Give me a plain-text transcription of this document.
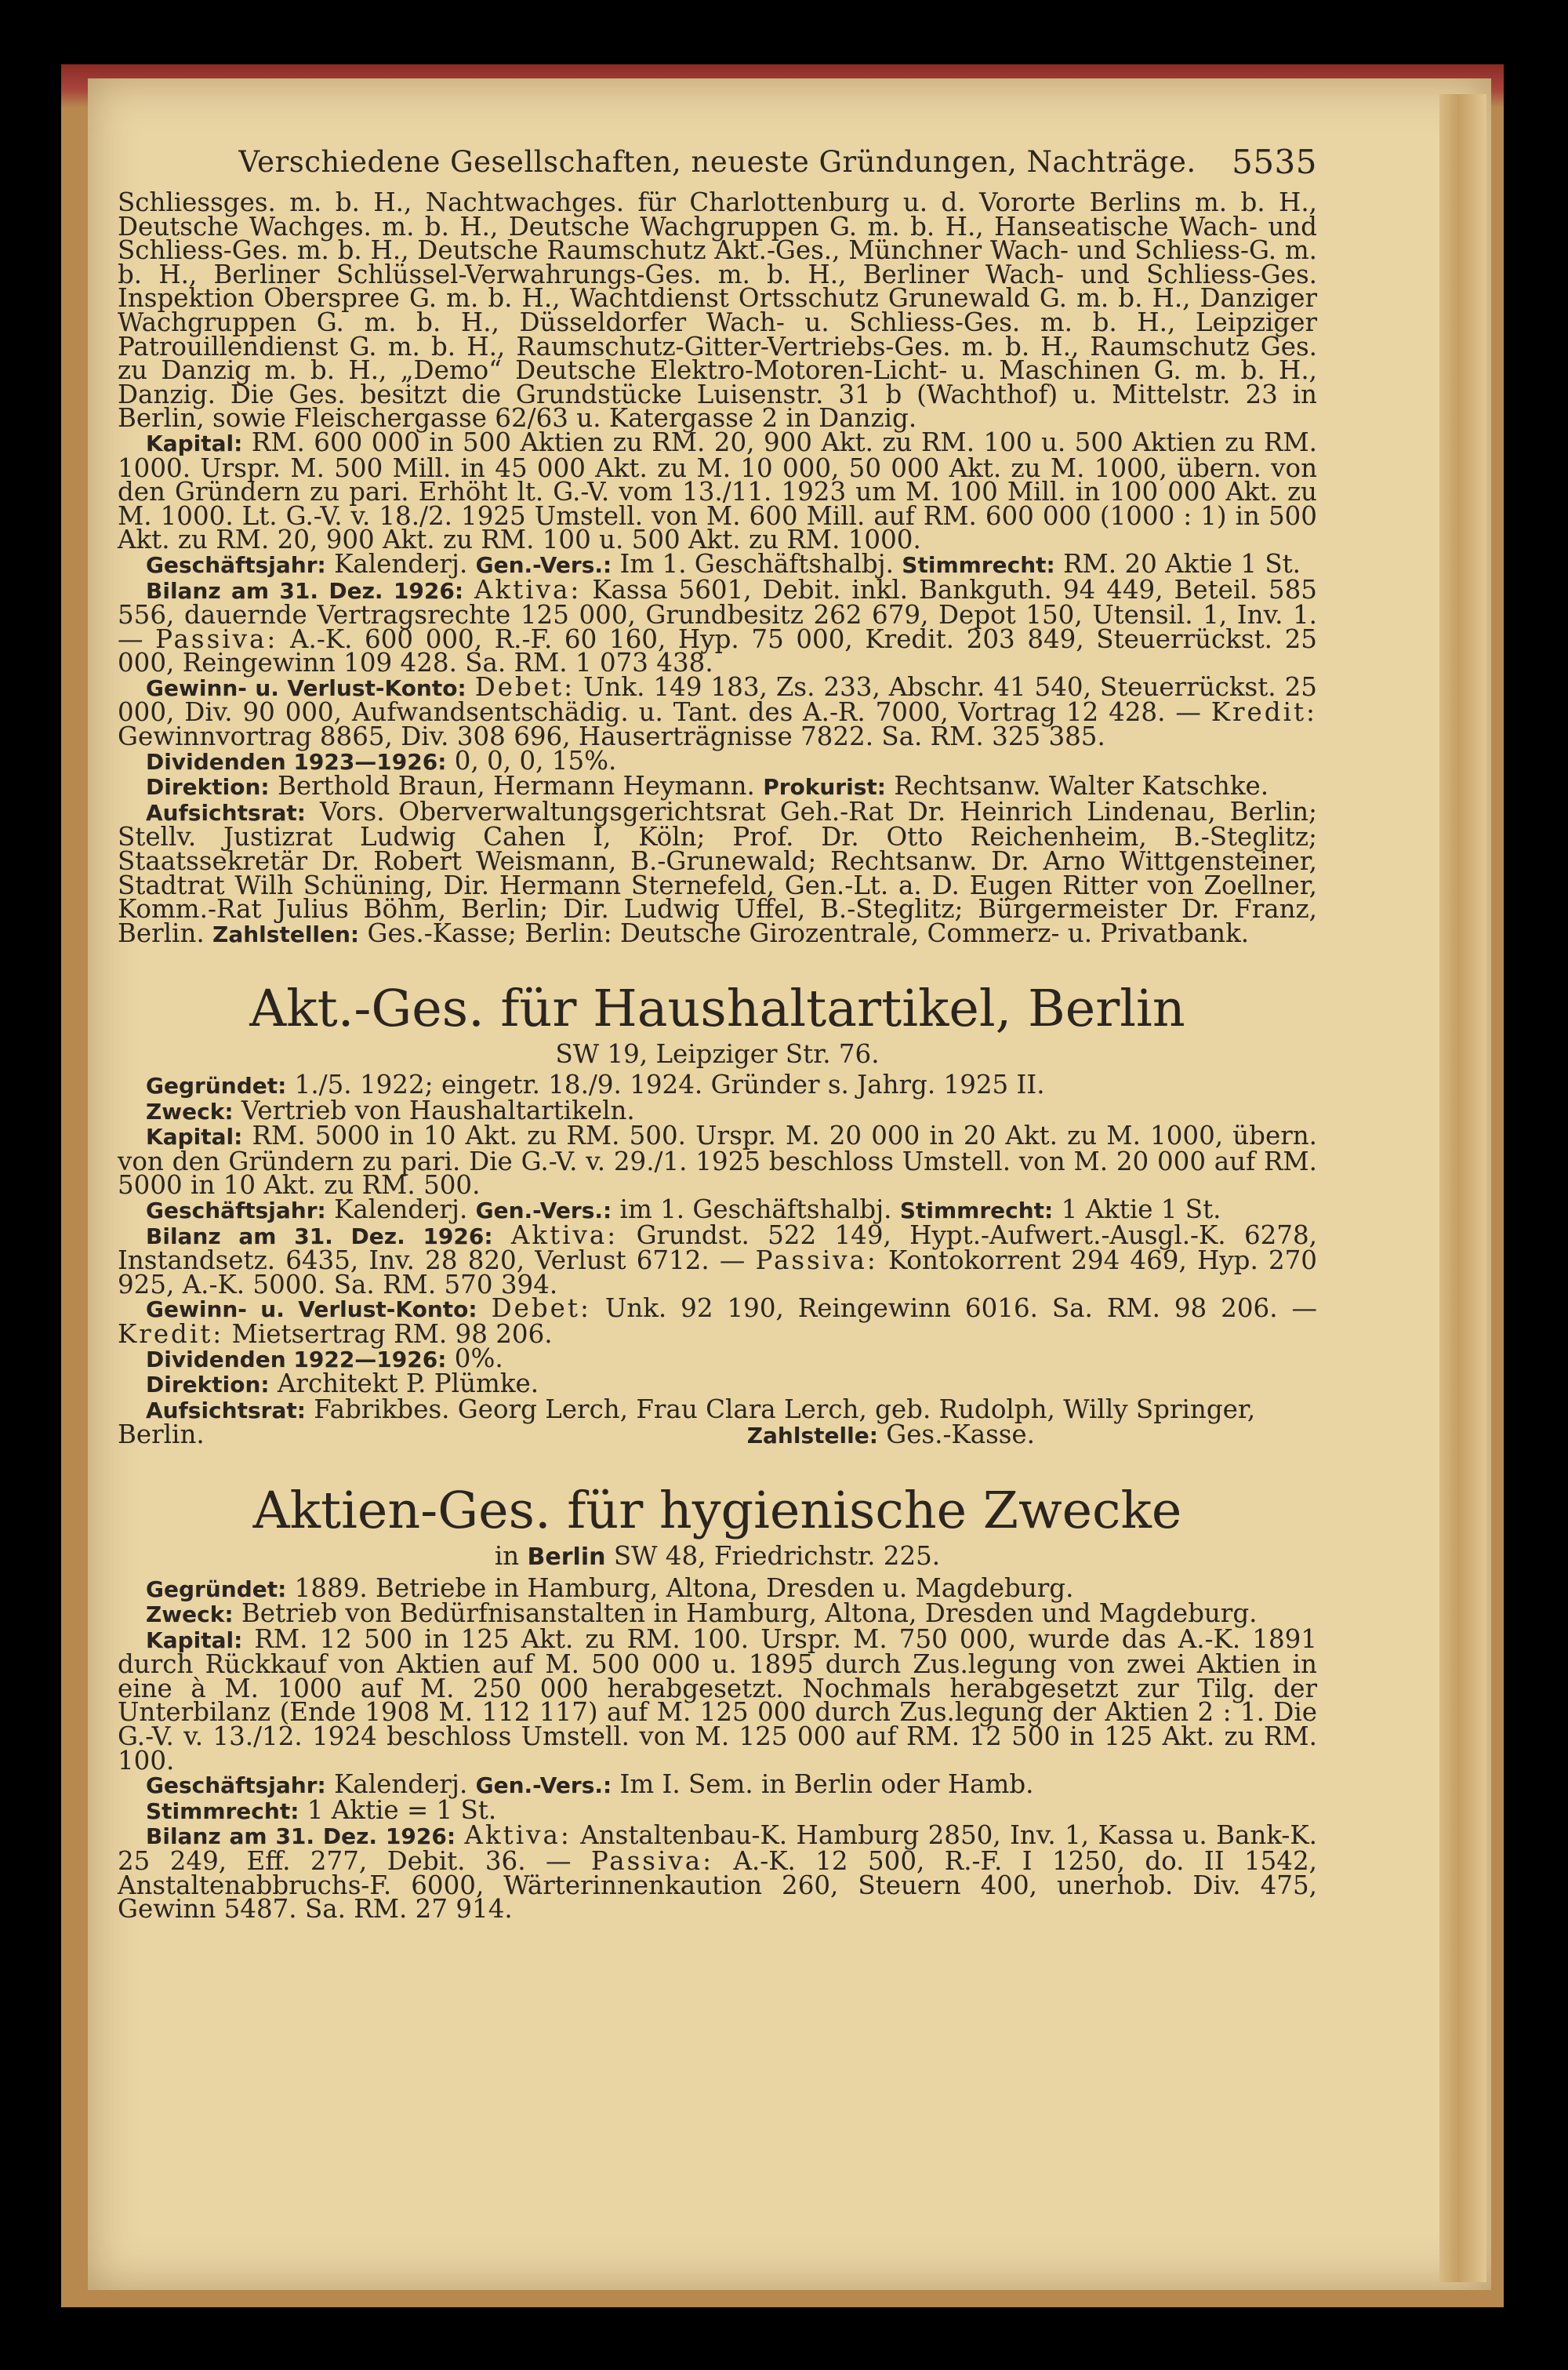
Verschiedene Gesellschaften, neueste Gründungen, Nachträge. 5535

Schliessges. m. b. H., Nachtwachges. für Charlottenburg u. d. Vororte Berlins m. b. H., Deutsche Wachges. m. b. H., Deutsche Wachgruppen G. m. b. H., Hanseatische Wach- und Schliess-Ges. m. b. H., Deutsche Raumschutz Akt.-Ges., Münchner Wach- und Schliess-G. m. b. H., Berliner Schlüssel-Verwahrungs-Ges. m. b. H., Berliner Wach- und Schliess-Ges. Inspektion Oberspree G. m. b. H., Wachtdienst Ortsschutz Grunewald G. m. b. H., Danziger Wachgruppen G. m. b. H., Düsseldorfer Wach- u. Schliess-Ges. m. b. H., Leipziger Patrouillendienst G. m. b. H., Raumschutz-Gitter-Vertriebs-Ges. m. b. H., Raumschutz Ges. zu Danzig m. b. H., „Demo“ Deutsche Elektro-Motoren-Licht- u. Maschinen G. m. b. H., Danzig. Die Ges. besitzt die Grundstücke Luisenstr. 31 b (Wachthof) u. Mittelstr. 23 in Berlin, sowie Fleischergasse 62/63 u. Katergasse 2 in Danzig.

Kapital: RM. 600 000 in 500 Aktien zu RM. 20, 900 Akt. zu RM. 100 u. 500 Aktien zu RM. 1000. Urspr. M. 500 Mill. in 45 000 Akt. zu M. 10 000, 50 000 Akt. zu M. 1000, übern. von den Gründern zu pari. Erhöht lt. G.-V. vom 13./11. 1923 um M. 100 Mill. in 100 000 Akt. zu M. 1000. Lt. G.-V. v. 18./2. 1925 Umstell. von M. 600 Mill. auf RM. 600 000 (1000 : 1) in 500 Akt. zu RM. 20, 900 Akt. zu RM. 100 u. 500 Akt. zu RM. 1000.

Geschäftsjahr: Kalenderj. Gen.-Vers.: Im 1. Geschäftshalbj. Stimmrecht: RM. 20 Aktie 1 St.

Bilanz am 31. Dez. 1926: Aktiva: Kassa 5601, Debit. inkl. Bankguth. 94 449, Beteil. 585 556, dauernde Vertragsrechte 125 000, Grundbesitz 262 679, Depot 150, Utensil. 1, Inv. 1. — Passiva: A.-K. 600 000, R.-F. 60 160, Hyp. 75 000, Kredit. 203 849, Steuerrückst. 25 000, Reingewinn 109 428. Sa. RM. 1 073 438.

Gewinn- u. Verlust-Konto: Debet: Unk. 149 183, Zs. 233, Abschr. 41 540, Steuerrückst. 25 000, Div. 90 000, Aufwandsentschädig. u. Tant. des A.-R. 7000, Vortrag 12 428. — Kredit: Gewinnvortrag 8865, Div. 308 696, Hauserträgnisse 7822. Sa. RM. 325 385.

Dividenden 1923—1926: 0, 0, 0, 15%.

Direktion: Berthold Braun, Hermann Heymann. Prokurist: Rechtsanw. Walter Katschke.

Aufsichtsrat: Vors. Oberverwaltungsgerichtsrat Geh.-Rat Dr. Heinrich Lindenau, Berlin; Stellv. Justizrat Ludwig Cahen I, Köln; Prof. Dr. Otto Reichenheim, B.-Steglitz; Staatssekretär Dr. Robert Weismann, B.-Grunewald; Rechtsanw. Dr. Arno Wittgensteiner, Stadtrat Wilh Schüning, Dir. Hermann Sternefeld, Gen.-Lt. a. D. Eugen Ritter von Zoellner, Komm.-Rat Julius Böhm, Berlin; Dir. Ludwig Uffel, B.-Steglitz; Bürgermeister Dr. Franz, Berlin. Zahlstellen: Ges.-Kasse; Berlin: Deutsche Girozentrale, Commerz- u. Privatbank.

Akt.-Ges. für Haushaltartikel, Berlin
SW 19, Leipziger Str. 76.

Gegründet: 1./5. 1922; eingetr. 18./9. 1924. Gründer s. Jahrg. 1925 II.

Zweck: Vertrieb von Haushaltartikeln.

Kapital: RM. 5000 in 10 Akt. zu RM. 500. Urspr. M. 20 000 in 20 Akt. zu M. 1000, übern. von den Gründern zu pari. Die G.-V. v. 29./1. 1925 beschloss Umstell. von M. 20 000 auf RM. 5000 in 10 Akt. zu RM. 500.

Geschäftsjahr: Kalenderj. Gen.-Vers.: im 1. Geschäftshalbj. Stimmrecht: 1 Aktie 1 St.

Bilanz am 31. Dez. 1926: Aktiva: Grundst. 522 149, Hypt.-Aufwert.-Ausgl.-K. 6278, Instandsetz. 6435, Inv. 28 820, Verlust 6712. — Passiva: Kontokorrent 294 469, Hyp. 270 925, A.-K. 5000. Sa. RM. 570 394.

Gewinn- u. Verlust-Konto: Debet: Unk. 92 190, Reingewinn 6016. Sa. RM. 98 206. — Kredit: Mietsertrag RM. 98 206.

Dividenden 1922—1926: 0%.

Direktion: Architekt P. Plümke.

Aufsichtsrat: Fabrikbes. Georg Lerch, Frau Clara Lerch, geb. Rudolph, Willy Springer,

Berlin.	Zahlstelle: Ges.-Kasse.

Aktien-Ges. für hygienische Zwecke
in Berlin SW 48, Friedrichstr. 225.

Gegründet: 1889. Betriebe in Hamburg, Altona, Dresden u. Magdeburg.

Zweck: Betrieb von Bedürfnisanstalten in Hamburg, Altona, Dresden und Magdeburg.

Kapital: RM. 12 500 in 125 Akt. zu RM. 100. Urspr. M. 750 000, wurde das A.-K. 1891 durch Rückkauf von Aktien auf M. 500 000 u. 1895 durch Zus.legung von zwei Aktien in eine à M. 1000 auf M. 250 000 herabgesetzt. Nochmals herabgesetzt zur Tilg. der Unterbilanz (Ende 1908 M. 112 117) auf M. 125 000 durch Zus.legung der Aktien 2 : 1. Die G.-V. v. 13./12. 1924 beschloss Umstell. von M. 125 000 auf RM. 12 500 in 125 Akt. zu RM. 100.

Geschäftsjahr: Kalenderj. Gen.-Vers.: Im I. Sem. in Berlin oder Hamb.

Stimmrecht: 1 Aktie = 1 St.

Bilanz am 31. Dez. 1926: Aktiva: Anstaltenbau-K. Hamburg 2850, Inv. 1, Kassa u. Bank-K. 25 249, Eff. 277, Debit. 36. — Passiva: A.-K. 12 500, R.-F. I 1250, do. II 1542, Anstaltenabbruchs-F. 6000, Wärterinnenkaution 260, Steuern 400, unerhob. Div. 475, Gewinn 5487. Sa. RM. 27 914.
